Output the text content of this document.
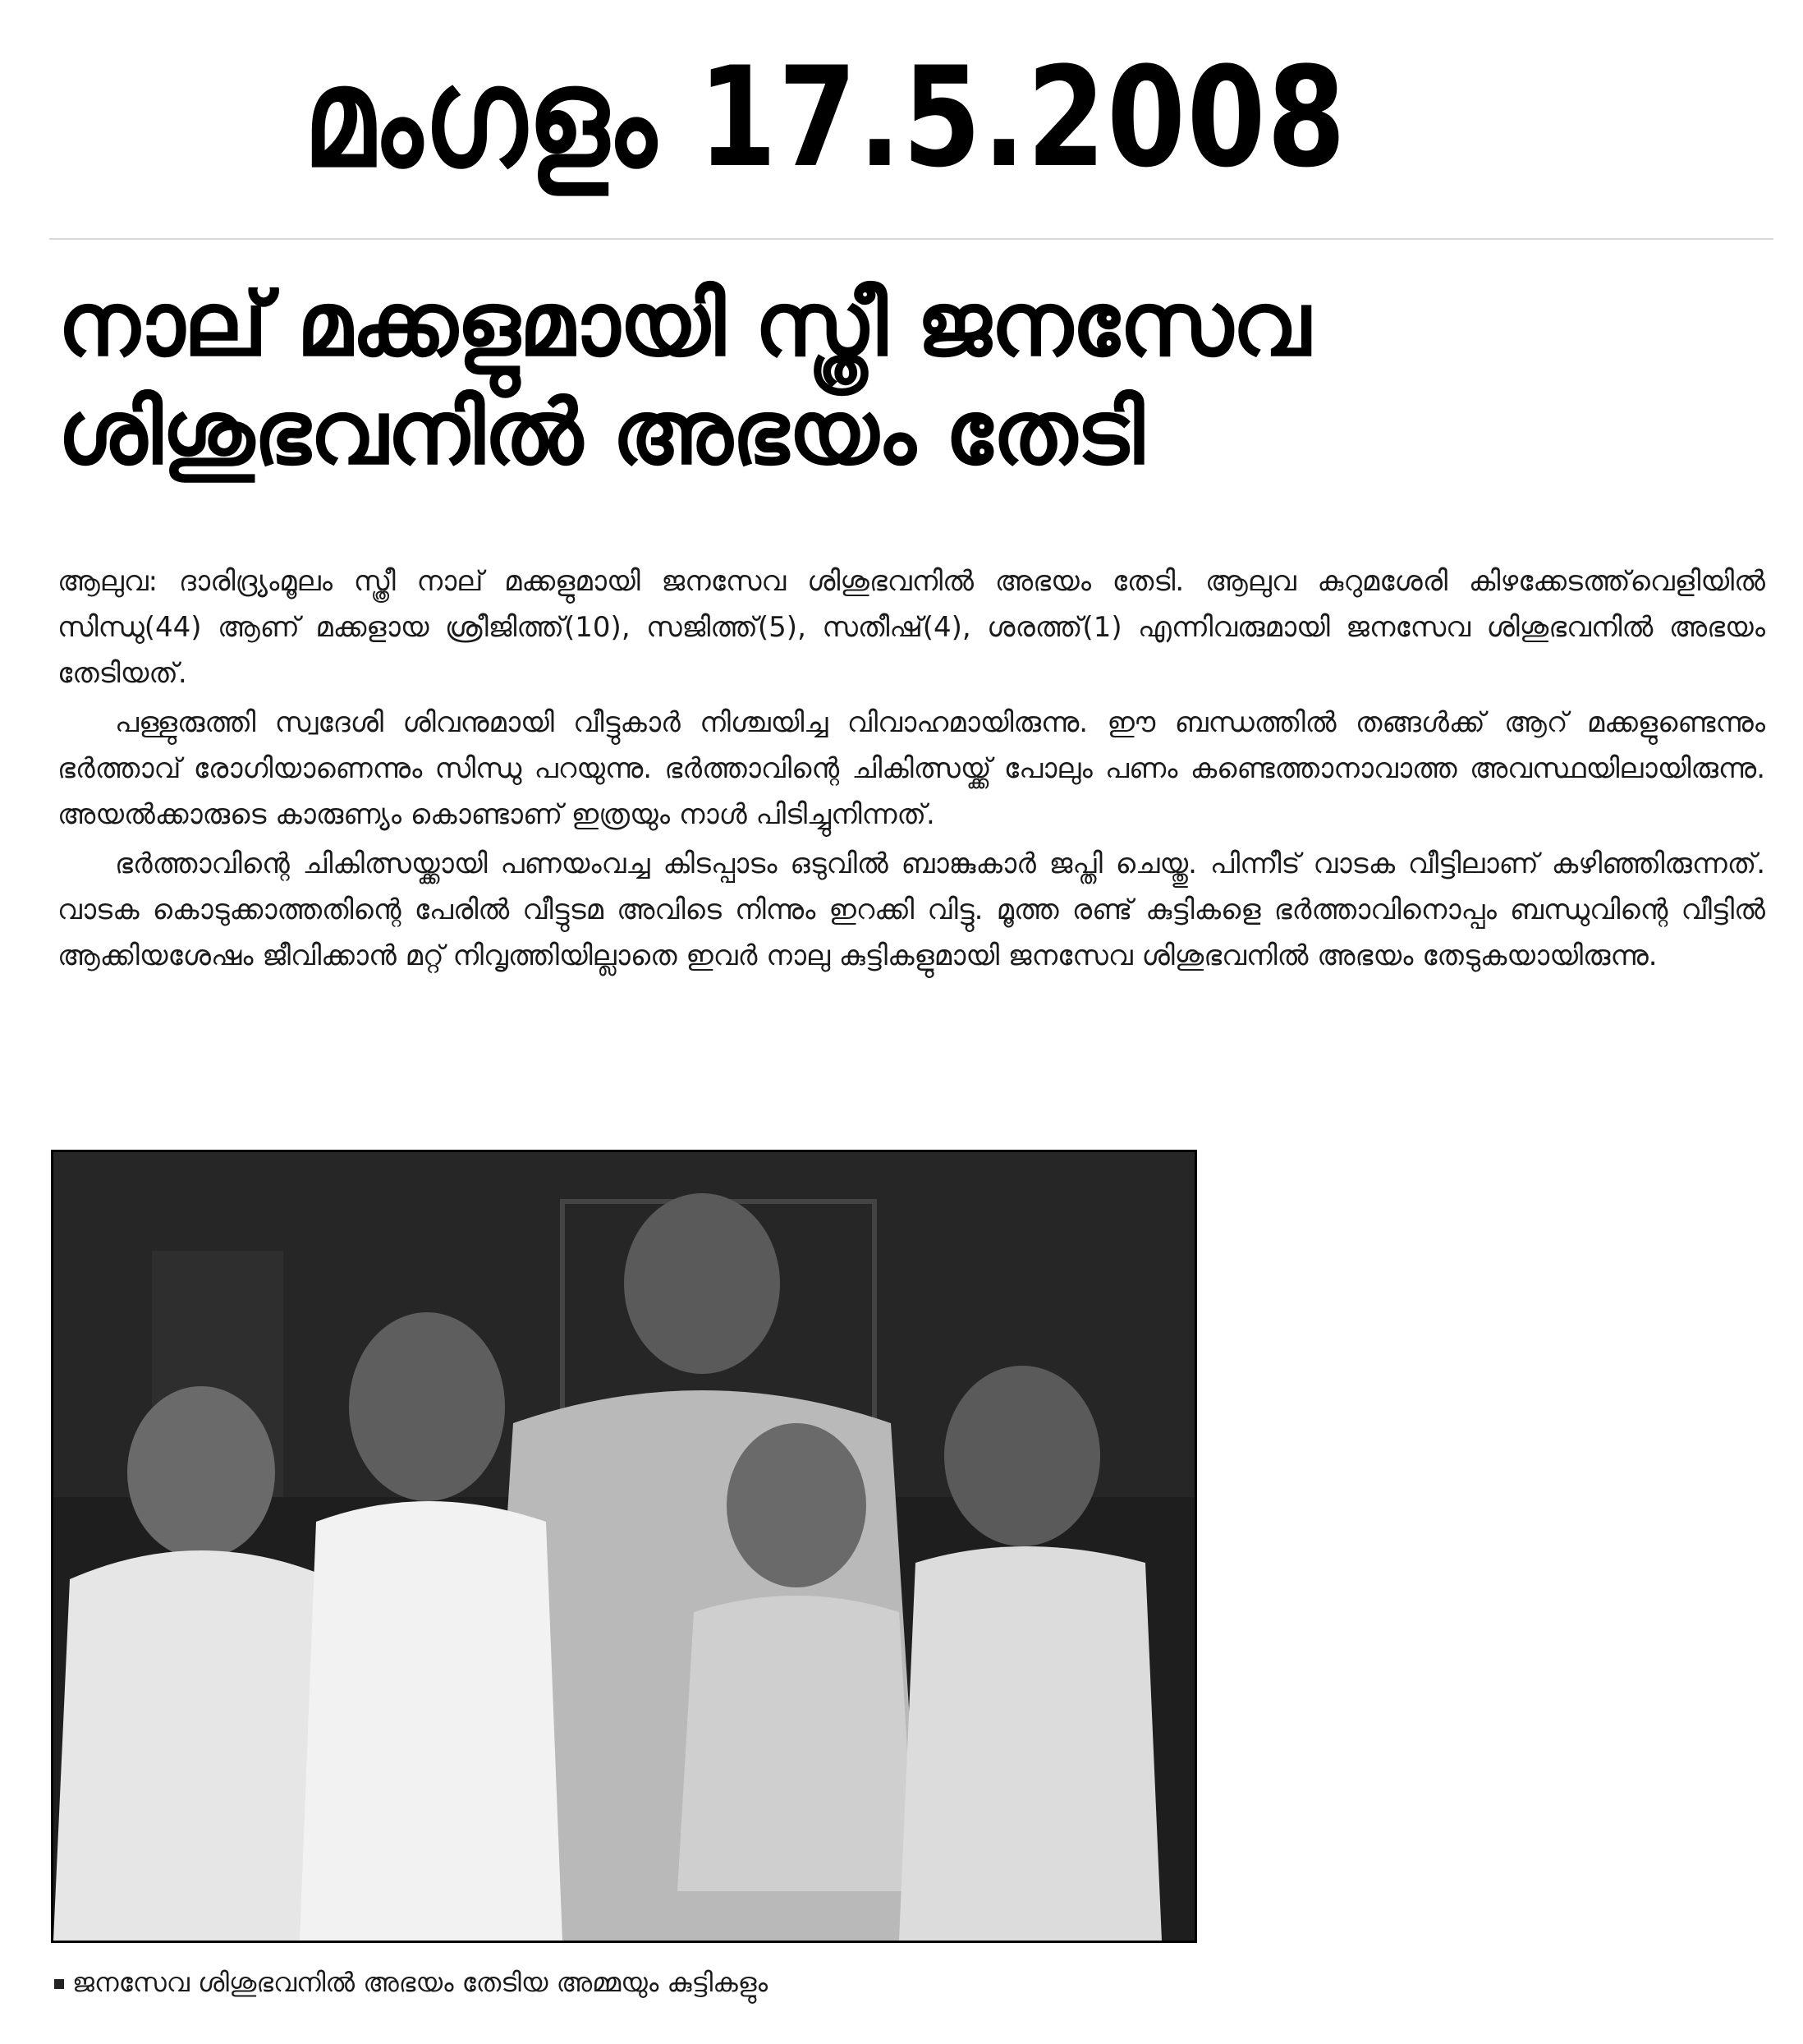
മംഗളം 17.5.2008
നാല് മക്കളുമായി സ്ത്രീ ജനസേവ
ശിശുഭവനിൽ അഭയം തേടി

ആലുവ: ദാരിദ്ര്യംമൂലം സ്ത്രീ നാല് മക്കളുമായി ജനസേവ ശിശുഭവനിൽ അഭയം തേടി. ആലുവ കുറുമശേരി കിഴക്കേടത്ത്‌വെളിയിൽ സിന്ധു(44) ആണ് മക്കളായ ശ്രീജിത്ത്(10), സജിത്ത്(5), സതീഷ്(4), ശരത്ത്(1) എന്നിവരുമായി ജനസേവ ശിശുഭവനിൽ അഭയം തേടിയത്.

പള്ളുരുത്തി സ്വദേശി ശിവനുമായി വീട്ടുകാർ നിശ്ചയിച്ച വിവാഹമായിരുന്നു. ഈ ബന്ധത്തിൽ തങ്ങൾക്ക് ആറ് മക്കളുണ്ടെന്നും ഭർത്താവ് രോഗിയാണെന്നും സിന്ധു പറയുന്നു. ഭർത്താവിന്റെ ചികിത്സയ്ക്ക് പോലും പണം കണ്ടെത്താനാവാത്ത അവസ്ഥയിലായിരുന്നു. അയൽക്കാരുടെ കാരുണ്യം കൊണ്ടാണ് ഇത്രയും നാൾ പിടിച്ചുനിന്നത്.

ഭർത്താവിന്റെ ചികിത്സയ്ക്കായി പണയംവച്ച കിടപ്പാടം ഒടുവിൽ ബാങ്കുകാർ ജപ്തി ചെയ്തു. പിന്നീട് വാടക വീട്ടിലാണ് കഴിഞ്ഞിരുന്നത്. വാടക കൊടുക്കാത്തതിന്റെ പേരിൽ വീട്ടുടമ അവിടെ നിന്നും ഇറക്കി വിട്ടു. മൂത്ത രണ്ട് കുട്ടികളെ ഭർത്താവിനൊപ്പം ബന്ധുവിന്റെ വീട്ടിൽ ആക്കിയശേഷം ജീവിക്കാൻ മറ്റ് നിവൃത്തിയില്ലാതെ ഇവർ നാലു കുട്ടികളുമായി ജനസേവ ശിശുഭവനിൽ അഭയം തേടുകയായിരുന്നു.

ജനസേവ ശിശുഭവനിൽ അഭയം തേടിയ അമ്മയും കുട്ടികളും
